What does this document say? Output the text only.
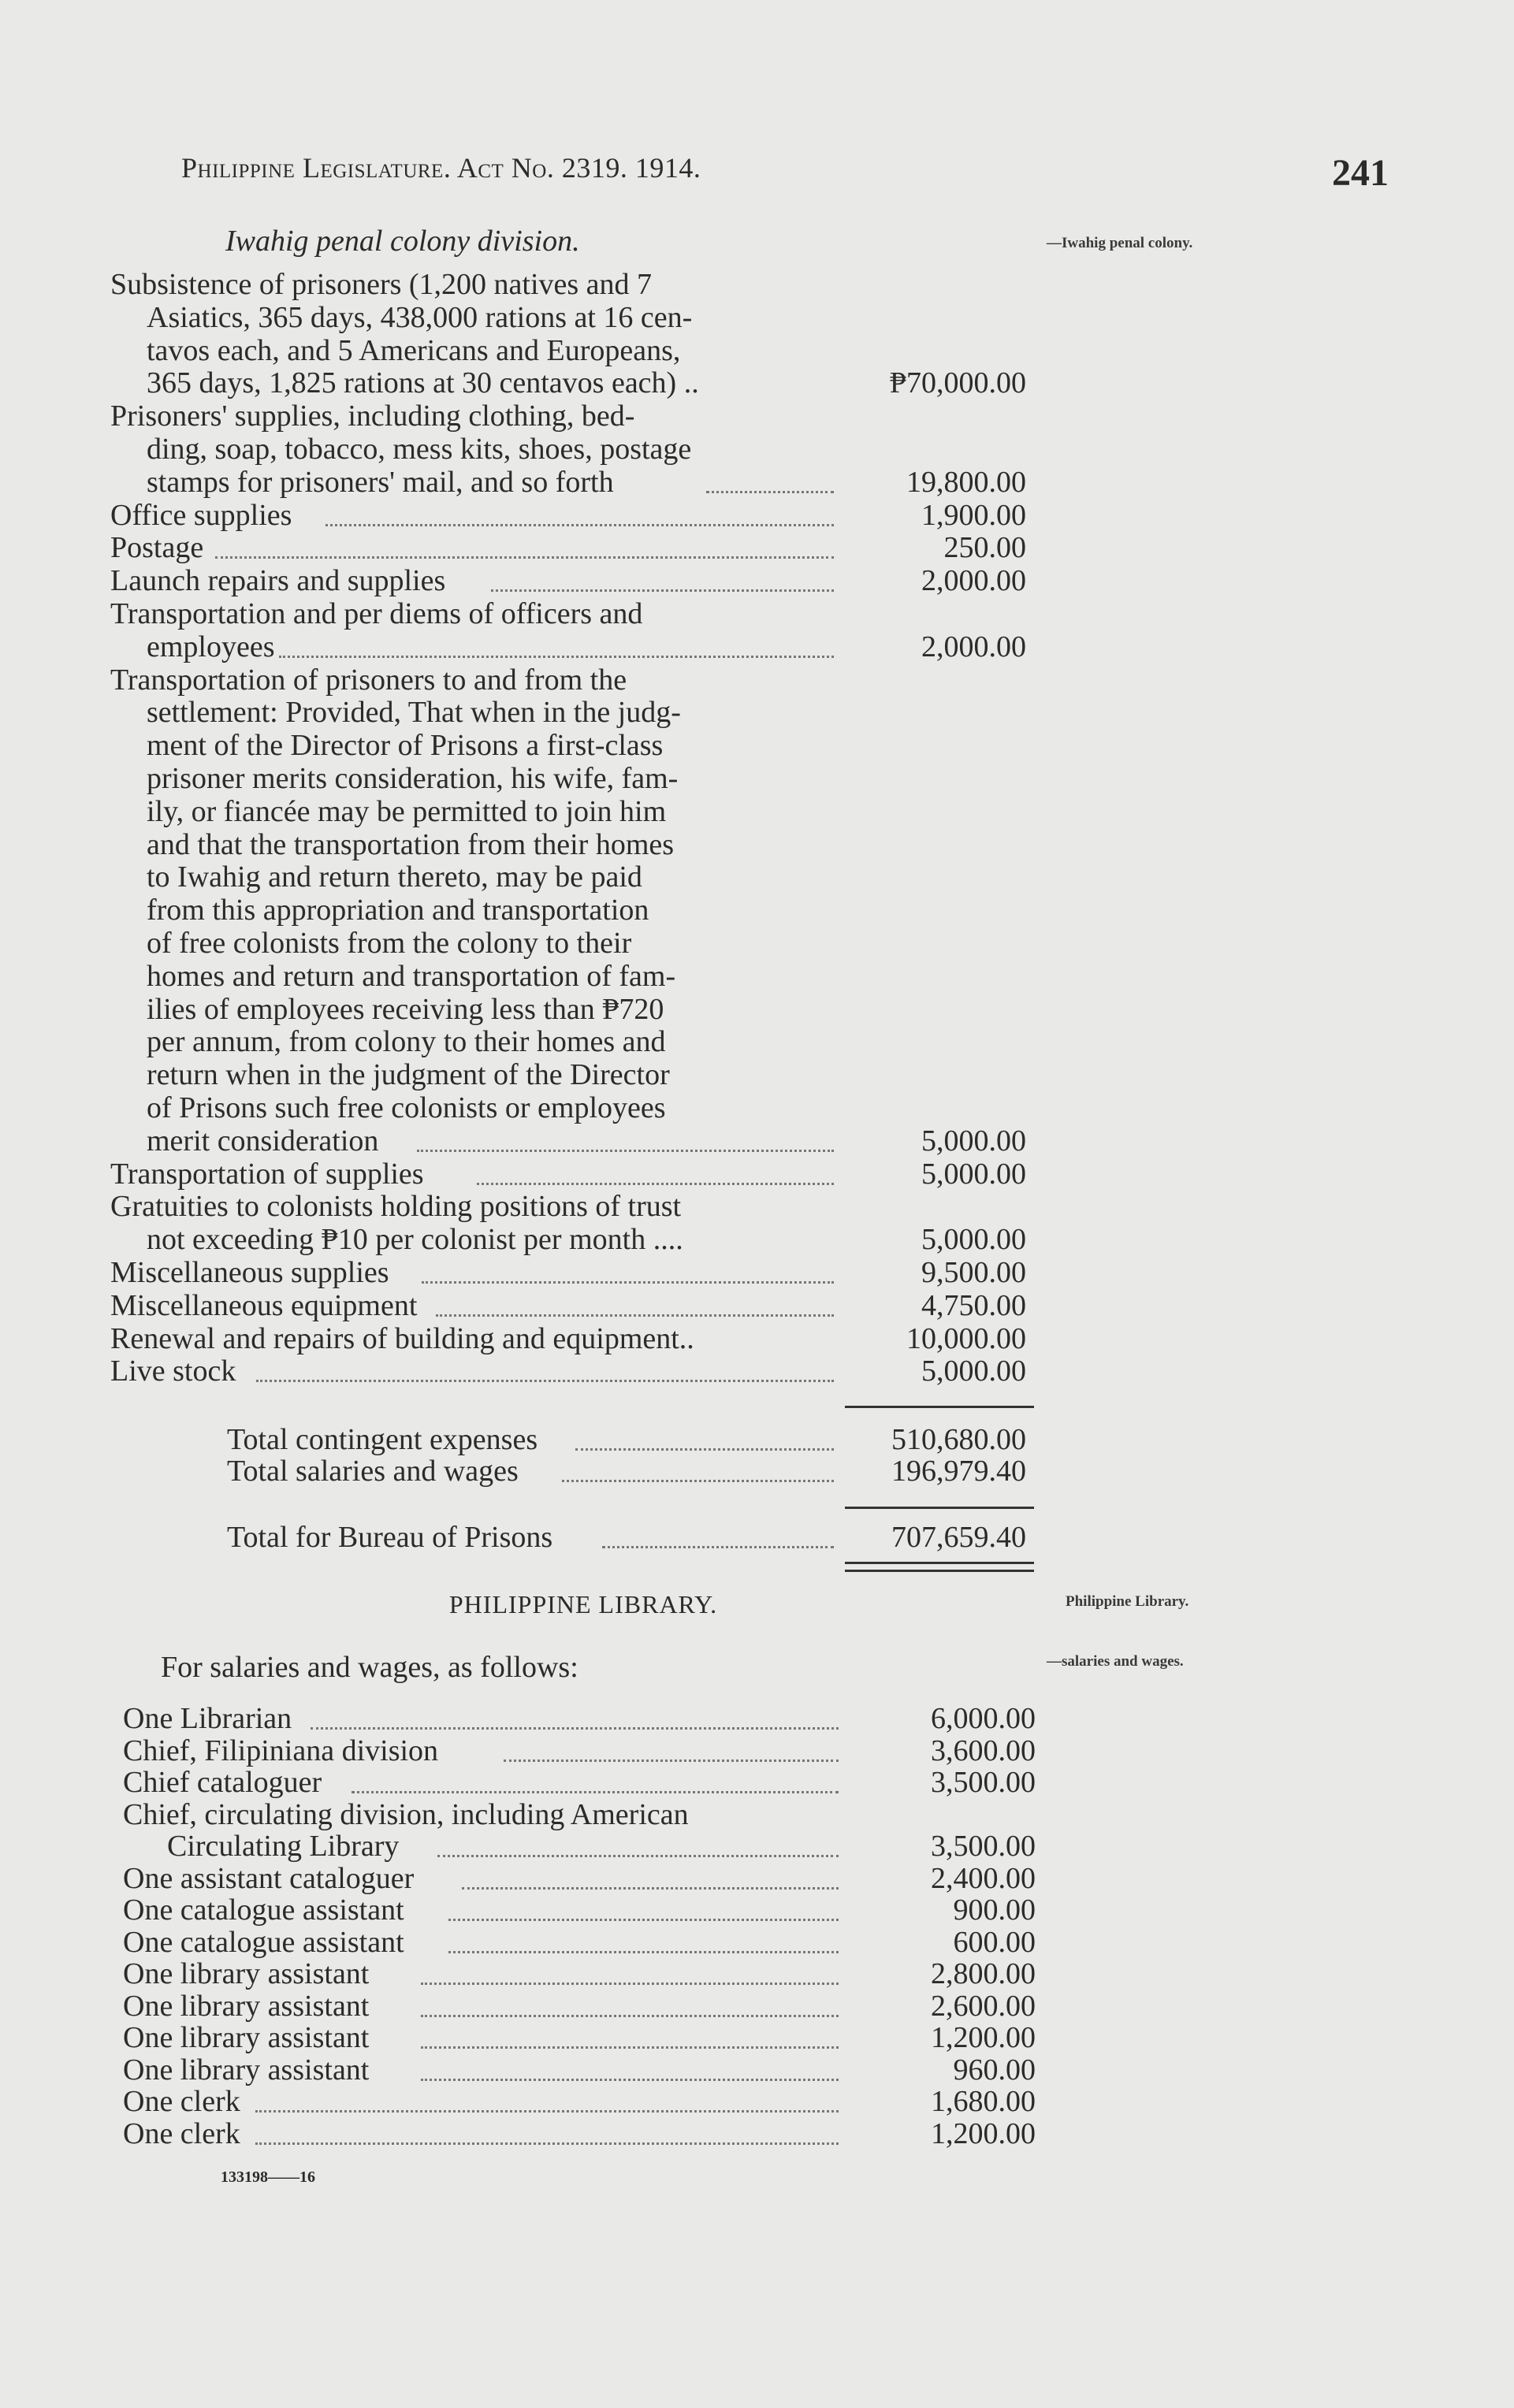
Philippine Legislature. Act No. 2319. 1914.	241
Iwahig penal colony division.	—Iwahig penal colony.
Philippine Library.
—salaries and wages.
Subsistence of prisoners (1,200 natives and 7
Asiatics, 365 days, 438,000 rations at 16 cen-
tavos each, and 5 Americans and Europeans,
365 days, 1,825 rations at 30 centavos each) ..	₱70,000.00
Prisoners' supplies, including clothing, bed-
ding, soap, tobacco, mess kits, shoes, postage
stamps for prisoners' mail, and so forth	19,800.00
Office supplies	1,900.00
Postage	250.00
Launch repairs and supplies	2,000.00
Transportation and per diems of officers and
employees	2,000.00
Transportation of prisoners to and from the
settlement: Provided, That when in the judg-
ment of the Director of Prisons a first-class
prisoner merits consideration, his wife, fam-
ily, or fiancée may be permitted to join him
and that the transportation from their homes
to Iwahig and return thereto, may be paid
from this appropriation and transportation
of free colonists from the colony to their
homes and return and transportation of fam-
ilies of employees receiving less than ₱720
per annum, from colony to their homes and
return when in the judgment of the Director
of Prisons such free colonists or employees
merit consideration	5,000.00
Transportation of supplies	5,000.00
Gratuities to colonists holding positions of trust
not exceeding ₱10 per colonist per month ....	5,000.00
Miscellaneous supplies	9,500.00
Miscellaneous equipment	4,750.00
Renewal and repairs of building and equipment..	10,000.00
Live stock	5,000.00
Total contingent expenses	510,680.00
Total salaries and wages	196,979.40
Total for Bureau of Prisons	707,659.40
PHILIPPINE LIBRARY.
For salaries and wages, as follows:
One Librarian	6,000.00
Chief, Filipiniana division	3,600.00
Chief cataloguer	3,500.00
Chief, circulating division, including American
Circulating Library	3,500.00
One assistant cataloguer	2,400.00
One catalogue assistant	900.00
One catalogue assistant	600.00
One library assistant	2,800.00
One library assistant	2,600.00
One library assistant	1,200.00
One library assistant	960.00
One clerk	1,680.00
One clerk	1,200.00
133198——16
